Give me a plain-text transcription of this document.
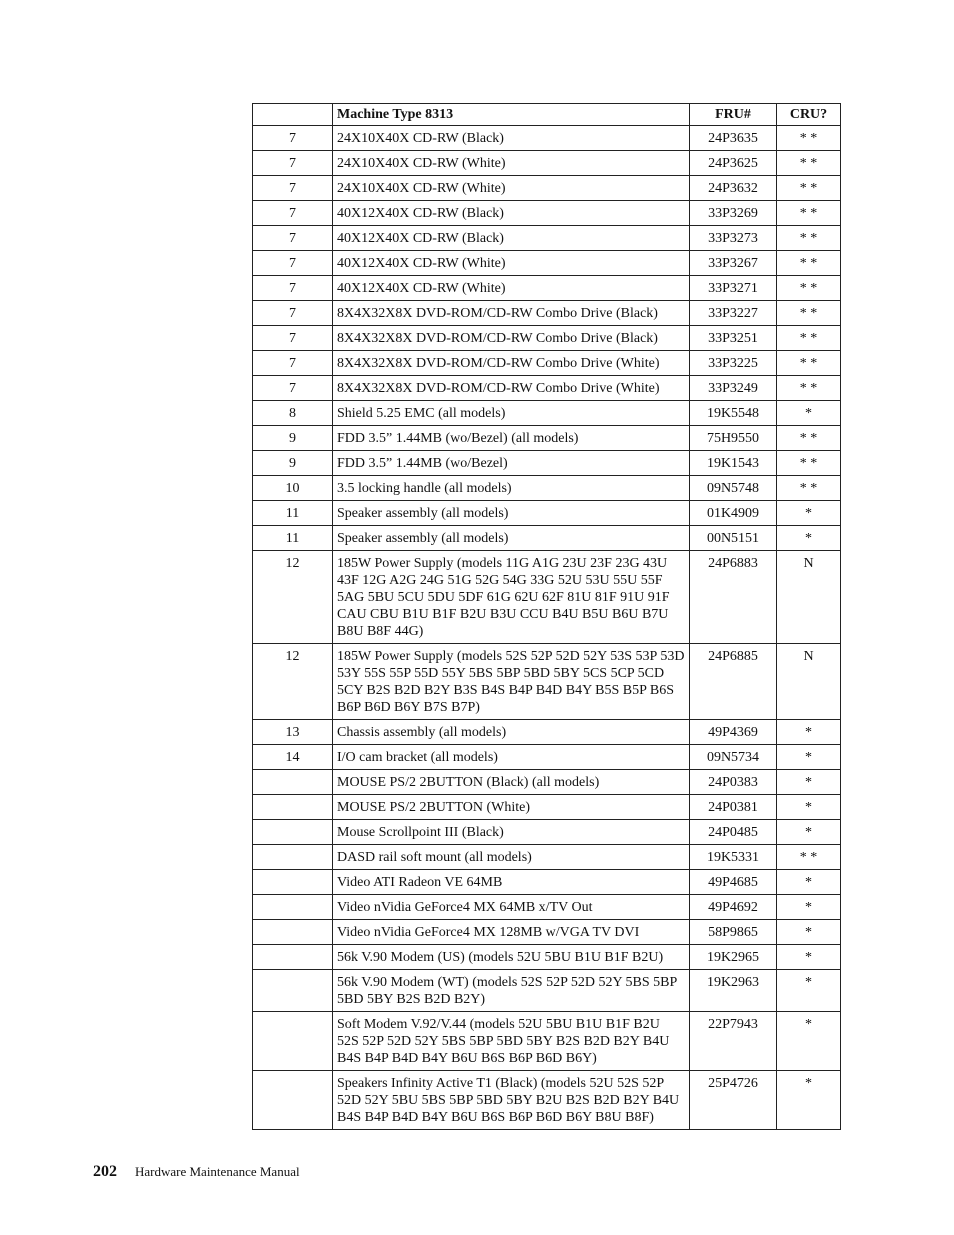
	Machine Type 8313	FRU#	CRU?
7	24X10X40X CD-RW (Black)	24P3635	* *
7	24X10X40X CD-RW (White)	24P3625	* *
7	24X10X40X CD-RW (White)	24P3632	* *
7	40X12X40X CD-RW (Black)	33P3269	* *
7	40X12X40X CD-RW (Black)	33P3273	* *
7	40X12X40X CD-RW (White)	33P3267	* *
7	40X12X40X CD-RW (White)	33P3271	* *
7	8X4X32X8X DVD-ROM/CD-RW Combo Drive (Black)	33P3227	* *
7	8X4X32X8X DVD-ROM/CD-RW Combo Drive (Black)	33P3251	* *
7	8X4X32X8X DVD-ROM/CD-RW Combo Drive (White)	33P3225	* *
7	8X4X32X8X DVD-ROM/CD-RW Combo Drive (White)	33P3249	* *
8	Shield 5.25 EMC (all models)	19K5548	*
9	FDD 3.5” 1.44MB (wo/Bezel) (all models)	75H9550	* *
9	FDD 3.5” 1.44MB (wo/Bezel)	19K1543	* *
10	3.5 locking handle (all models)	09N5748	* *
11	Speaker assembly (all models)	01K4909	*
11	Speaker assembly (all models)	00N5151	*
12	185W Power Supply (models 11G A1G 23U 23F 23G 43U 43F 12G A2G 24G 51G 52G 54G 33G 52U 53U 55U 55F 5AG 5BU 5CU 5DU 5DF 61G 62U 62F 81U 81F 91U 91F CAU CBU B1U B1F B2U B3U CCU B4U B5U B6U B7U B8U B8F 44G)	24P6883	N
12	185W Power Supply (models 52S 52P 52D 52Y 53S 53P 53D 53Y 55S 55P 55D 55Y 5BS 5BP 5BD 5BY 5CS 5CP 5CD 5CY B2S B2D B2Y B3S B4S B4P B4D B4Y B5S B5P B6S B6P B6D B6Y B7S B7P)	24P6885	N
13	Chassis assembly (all models)	49P4369	*
14	I/O cam bracket (all models)	09N5734	*
	MOUSE PS/2 2BUTTON (Black) (all models)	24P0383	*
	MOUSE PS/2 2BUTTON (White)	24P0381	*
	Mouse Scrollpoint III (Black)	24P0485	*
	DASD rail soft mount (all models)	19K5331	* *
	Video ATI Radeon VE 64MB	49P4685	*
	Video nVidia GeForce4 MX 64MB x/TV Out	49P4692	*
	Video nVidia GeForce4 MX 128MB w/VGA TV DVI	58P9865	*
	56k V.90 Modem (US) (models 52U 5BU B1U B1F B2U)	19K2965	*
	56k V.90 Modem (WT) (models 52S 52P 52D 52Y 5BS 5BP 5BD 5BY B2S B2D B2Y)	19K2963	*
	Soft Modem V.92/V.44 (models 52U 5BU B1U B1F B2U 52S 52P 52D 52Y 5BS 5BP 5BD 5BY B2S B2D B2Y B4U B4S B4P B4D B4Y B6U B6S B6P B6D B6Y)	22P7943	*
	Speakers Infinity Active T1 (Black) (models 52U 52S 52P 52D 52Y 5BU 5BS 5BP 5BD 5BY B2U B2S B2D B2Y B4U B4S B4P B4D B4Y B6U B6S B6P B6D B6Y B8U B8F)	25P4726	*
202 Hardware Maintenance Manual
